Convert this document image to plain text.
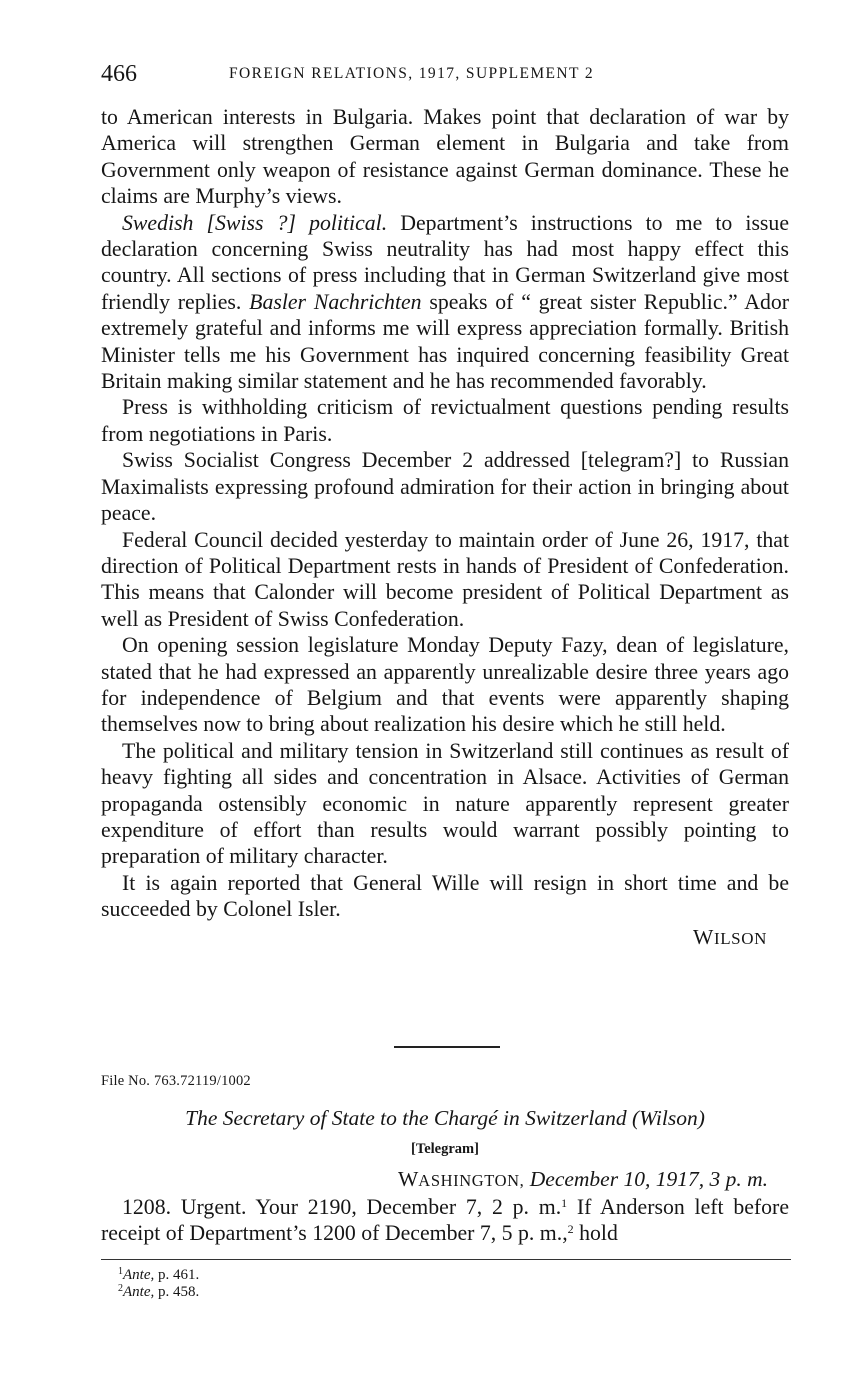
466	FOREIGN RELATIONS, 1917, SUPPLEMENT 2

to American interests in Bulgaria. Makes point that declaration of war by America will strengthen German element in Bulgaria and take from Government only weapon of resistance against German dominance. These he claims are Murphy’s views.

Swedish [Swiss ?] political. Department’s instructions to me to issue declaration concerning Swiss neutrality has had most happy effect this country. All sections of press including that in German Switzerland give most friendly replies. Basler Nachrichten speaks of “ great sister Republic.” Ador extremely grateful and informs me will express appreciation formally. British Minister tells me his Government has inquired concerning feasibility Great Britain making similar statement and he has recommended favorably.

Press is withholding criticism of revictualment questions pending results from negotiations in Paris.

Swiss Socialist Congress December 2 addressed [telegram?] to Russian Maximalists expressing profound admiration for their action in bringing about peace.

Federal Council decided yesterday to maintain order of June 26, 1917, that direction of Political Department rests in hands of President of Confederation. This means that Calonder will become president of Political Department as well as President of Swiss Confederation.

On opening session legislature Monday Deputy Fazy, dean of legislature, stated that he had expressed an apparently unrealizable desire three years ago for independence of Belgium and that events were apparently shaping themselves now to bring about realization his desire which he still held.

The political and military tension in Switzerland still continues as result of heavy fighting all sides and concentration in Alsace. Activities of German propaganda ostensibly economic in nature apparently represent greater expenditure of effort than results would warrant possibly pointing to preparation of military character.

It is again reported that General Wille will resign in short time and be succeeded by Colonel Isler.

WILSON
File No. 763.72119/1002
The Secretary of State to the Chargé in Switzerland (Wilson)
[Telegram]
WASHINGTON, December 10, 1917, 3 p. m.

1208. Urgent. Your 2190, December 7, 2 p. m.$^1$ If Anderson left before receipt of Department’s 1200 of December 7, 5 p. m.,$^2$ hold

$^1$Ante, p. 461.
$^2$Ante, p. 458.
